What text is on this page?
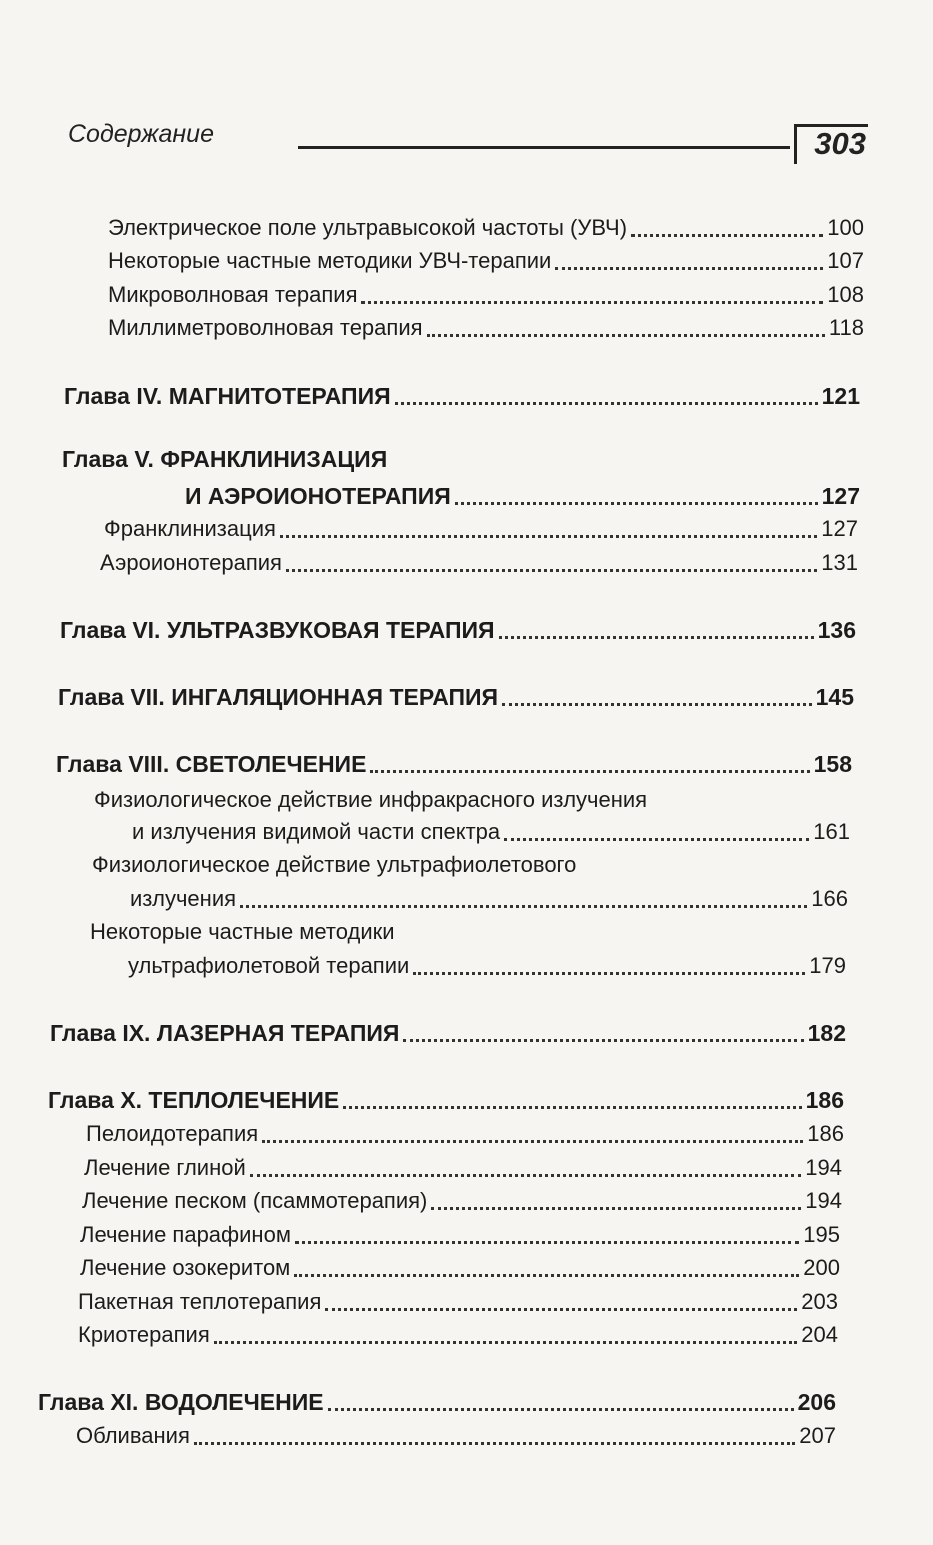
Содержание	303
Электрическое поле ультравысокой частоты (УВЧ)	100
Некоторые частные методики УВЧ-терапии	107
Микроволновая терапия	108
Миллиметроволновая терапия	118
Глава IV. МАГНИТОТЕРАПИЯ	121
Глава V. ФРАНКЛИНИЗАЦИЯ
И АЭРОИОНОТЕРАПИЯ	127
Франклинизация	127
Аэроионотерапия	131
Глава VI. УЛЬТРАЗВУКОВАЯ ТЕРАПИЯ	136
Глава VII. ИНГАЛЯЦИОННАЯ ТЕРАПИЯ	145
Глава VIII. СВЕТОЛЕЧЕНИЕ	158
Физиологическое действие инфракрасного излучения
и излучения видимой части спектра	161
Физиологическое действие ультрафиолетового
излучения	166
Некоторые частные методики
ультрафиолетовой терапии	179
Глава IX. ЛАЗЕРНАЯ ТЕРАПИЯ	182
Глава X. ТЕПЛОЛЕЧЕНИЕ	186
Пелоидотерапия	186
Лечение глиной	194
Лечение песком (псаммотерапия)	194
Лечение парафином	195
Лечение озокеритом	200
Пакетная теплотерапия	203
Криотерапия	204
Глава XI. ВОДОЛЕЧЕНИЕ	206
Обливания	207
